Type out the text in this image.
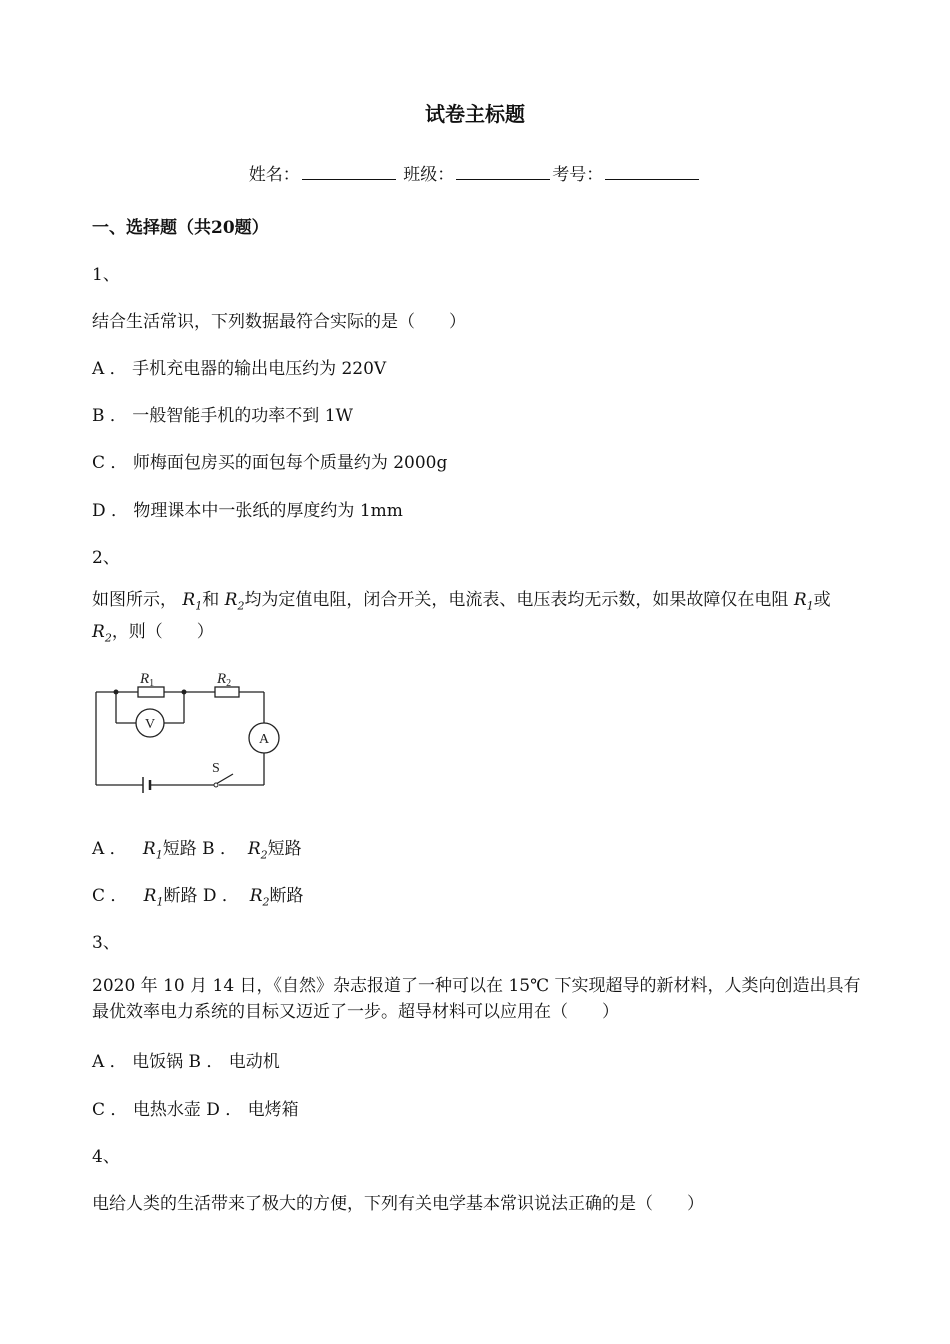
试卷主标题
姓名：	班级：	考号：
一、选择题（共20题）
1、
结合生活常识，下列数据最符合实际的是（　　）
A ． 手机充电器的输出电压约为 220V
B ． 一般智能手机的功率不到 1W
C ． 师梅面包房买的面包每个质量约为 2000g
D ． 物理课本中一张纸的厚度约为 1mm
2、
如图所示， $R_1$和 $R_2$均为定值电阻，闭合开关，电流表、电压表均无示数，如果故障仅在电阻 $R_1$或 $R_2$，则（　　）
$R_1$	$R_2$
V
A
S
A ． $R_1$短路 B ． $R_2$短路
C ． $R_1$断路 D ． $R_2$断路
3、
2020 年 10 月 14 日，《自然》杂志报道了一种可以在 15℃ 下实现超导的新材料，人类向创造出具有最优效率电力系统的目标又迈近了一步。超导材料可以应用在（　　）
A ． 电饭锅 B ． 电动机
C ． 电热水壶 D ． 电烤箱
4、
电给人类的生活带来了极大的方便，下列有关电学基本常识说法正确的是（　　）
